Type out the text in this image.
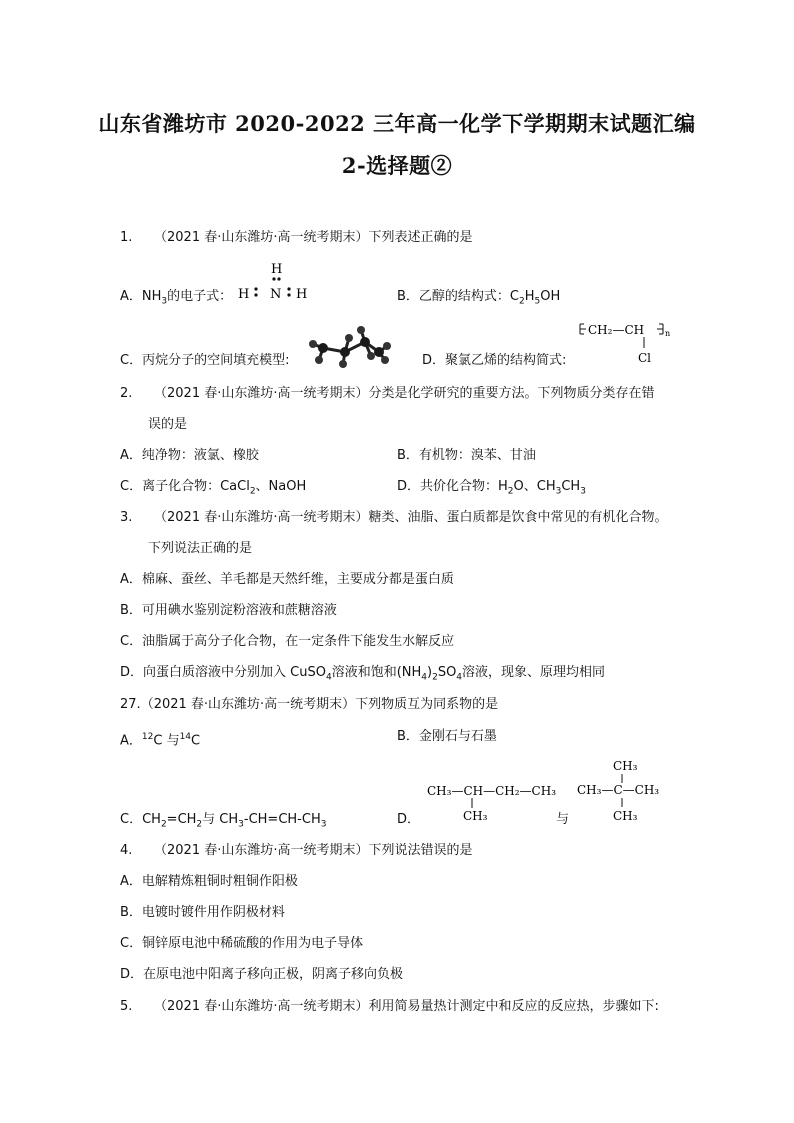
山东省潍坊市 2020-2022 三年高一化学下学期期末试题汇编
2-选择题②
1. （2021 春·山东潍坊·高一统考期末）下列表述正确的是
A．$NH_3$的电子式：
H
H N H	B．乙醇的结构式：$C_2H_5OH$
C．丙烷分子的空间填充模型:	D．聚氯乙烯的结构简式:
CH₂—CH	n
Cl
2. （2021 春·山东潍坊·高一统考期末）分类是化学研究的重要方法。下列物质分类存在错
误的是
A．纯净物：液氯、橡胶	B．有机物：溴苯、甘油
C．离子化合物：CaCl$_2$、NaOH	D．共价化合物：$H_2O$、$CH_3CH_3$
3. （2021 春·山东潍坊·高一统考期末）糖类、油脂、蛋白质都是饮食中常见的有机化合物。
下列说法正确的是
A．棉麻、蚕丝、羊毛都是天然纤维，主要成分都是蛋白质
B．可用碘水鉴别淀粉溶液和蔗糖溶液
C．油脂属于高分子化合物，在一定条件下能发生水解反应
D．向蛋白质溶液中分别加入 CuSO$_4$溶液和饱和$(NH_4)_2SO_4$溶液，现象、原理均相同
27.（2021 春·山东潍坊·高一统考期末）下列物质互为同系物的是
A．$^{12}$C 与$^{14}$C	B．金刚石与石墨
C．$CH_2=CH_2$与 $CH_3-CH=CH-CH_3$	D．
CH₃—CH—CH₂—CH₃
CH₃	与
CH₃
CH₃—C—CH₃
CH₃
4. （2021 春·山东潍坊·高一统考期末）下列说法错误的是
A．电解精炼粗铜时粗铜作阳极
B．电镀时镀件用作阴极材料
C．铜锌原电池中稀硫酸的作用为电子导体
D．在原电池中阳离子移向正极，阴离子移向负极
5. （2021 春·山东潍坊·高一统考期末）利用简易量热计测定中和反应的反应热，步骤如下:
